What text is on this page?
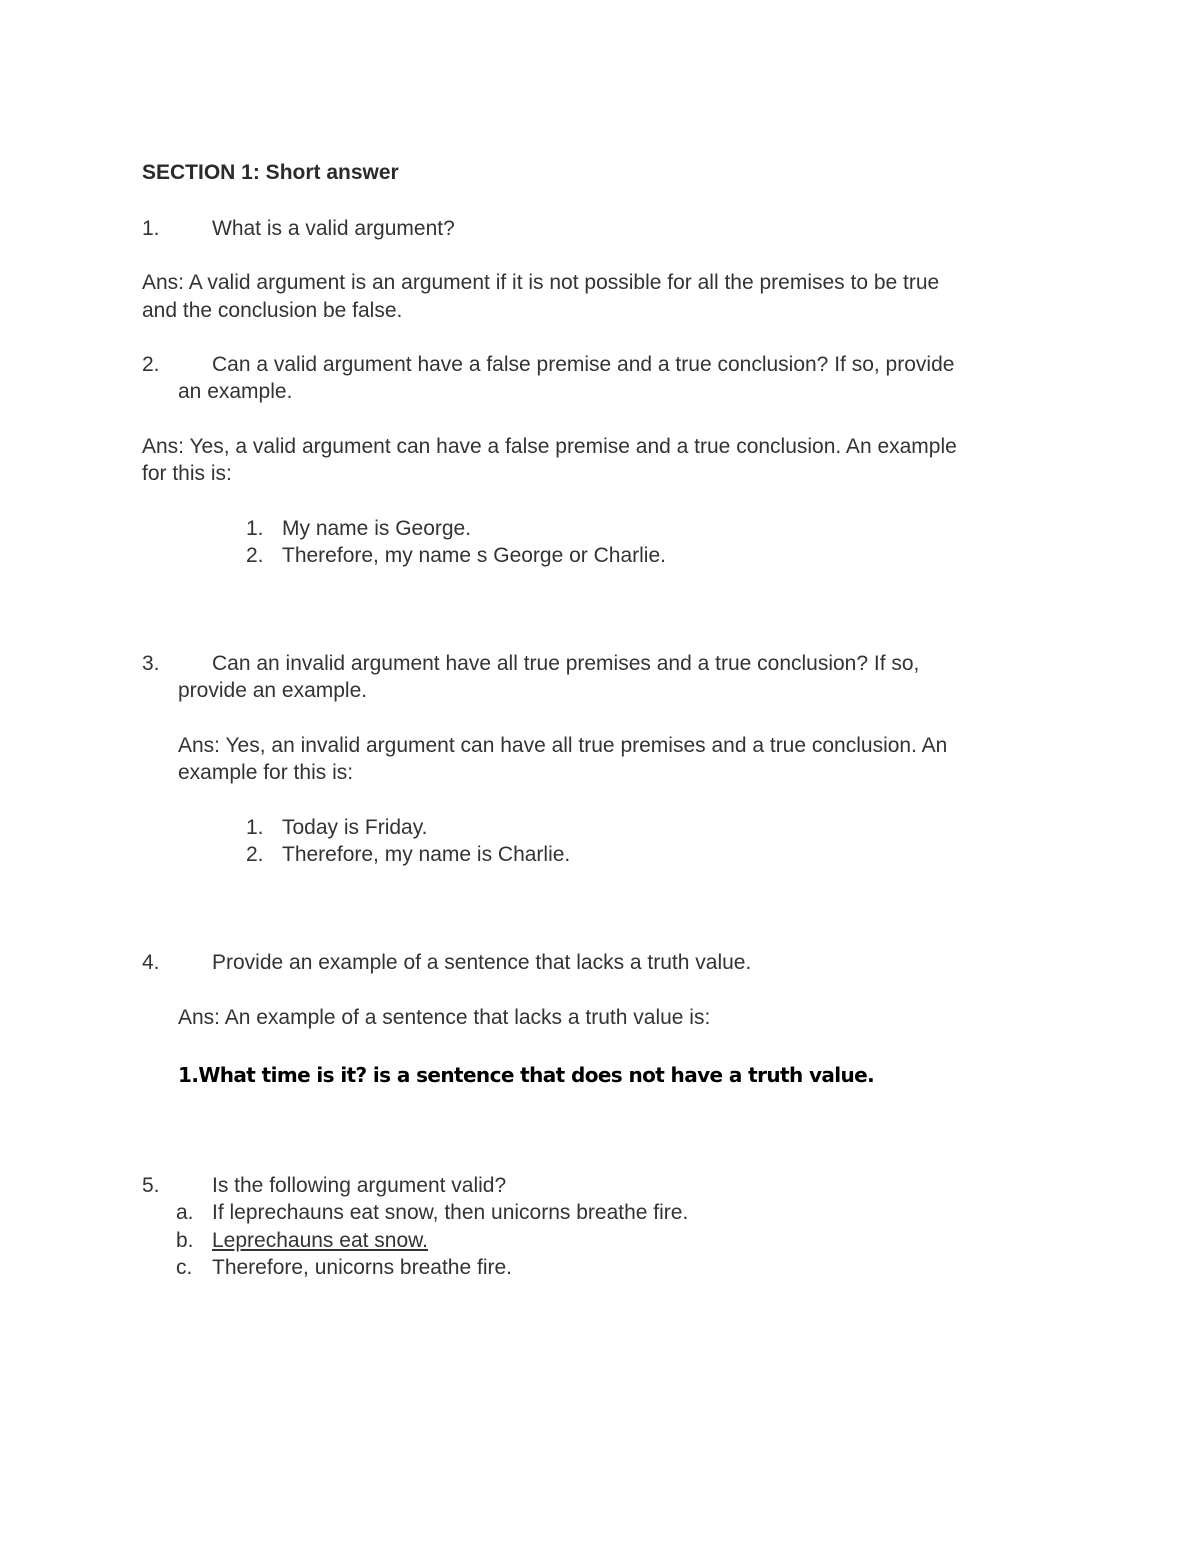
SECTION 1: Short answer
1. What is a valid argument?
Ans: A valid argument is an argument if it is not possible for all the premises to be true
and the conclusion be false.
2. Can a valid argument have a false premise and a true conclusion? If so, provide
an example.
Ans: Yes, a valid argument can have a false premise and a true conclusion. An example
for this is:
1. My name is George.
2. Therefore, my name s George or Charlie.
3. Can an invalid argument have all true premises and a true conclusion? If so,
provide an example.
Ans: Yes, an invalid argument can have all true premises and a true conclusion. An
example for this is:
1. Today is Friday.
2. Therefore, my name is Charlie.
4. Provide an example of a sentence that lacks a truth value.
Ans: An example of a sentence that lacks a truth value is:
1.What time is it? is a sentence that does not have a truth value.
5. Is the following argument valid?
a. If leprechauns eat snow, then unicorns breathe fire.
b. Leprechauns eat snow.
c. Therefore, unicorns breathe fire.
